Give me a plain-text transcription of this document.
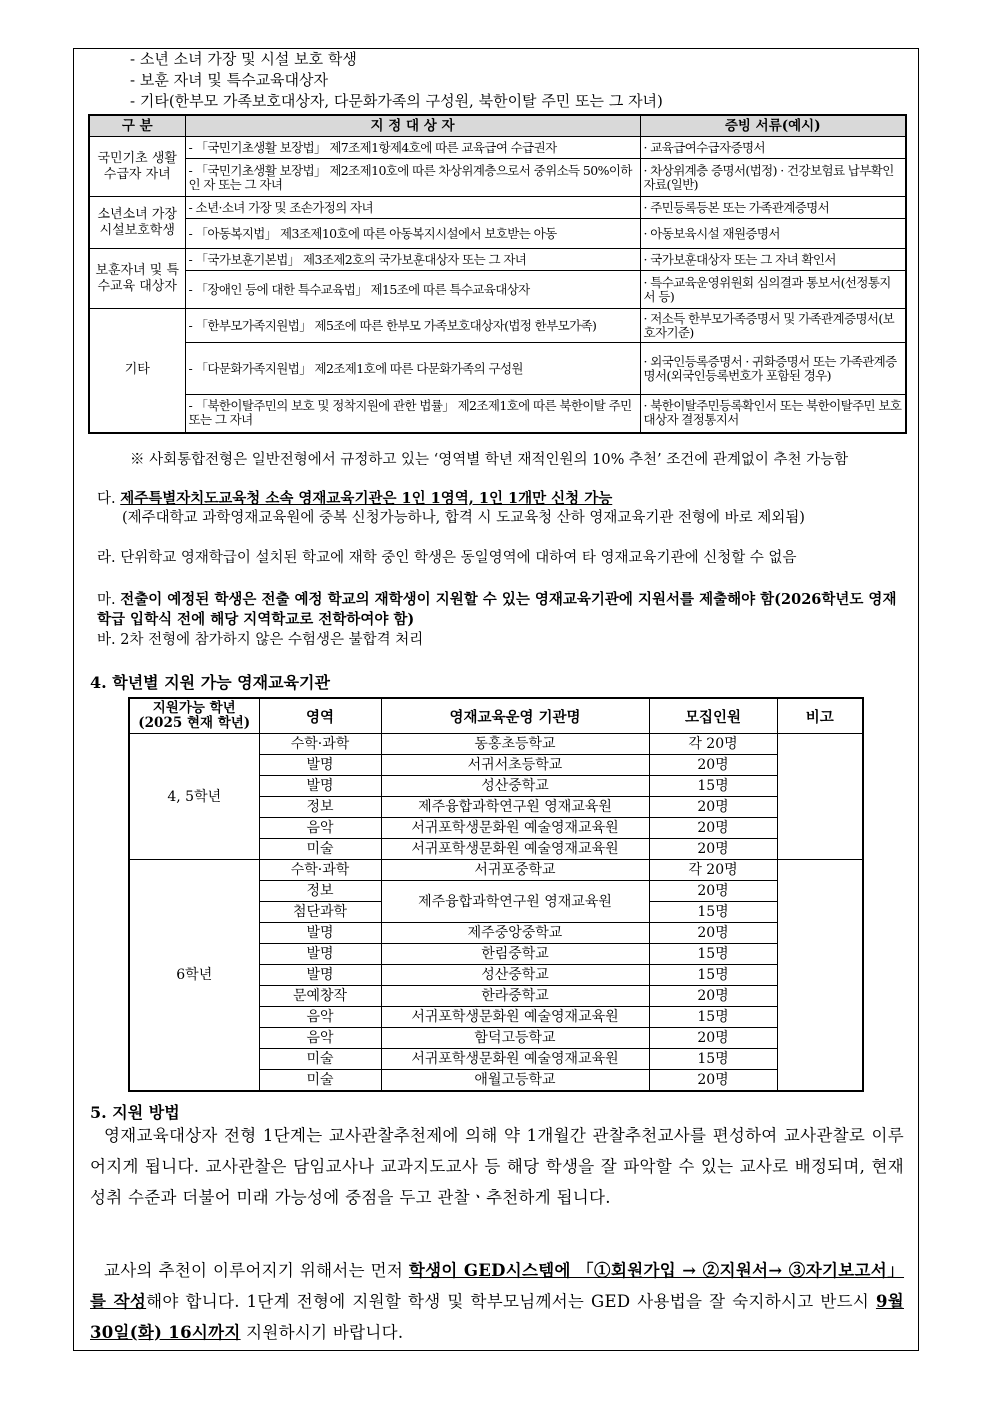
- 소년 소녀 가장 및 시설 보호 학생
- 보훈 자녀 및 특수교육대상자
- 기타(한부모 가족보호대상자, 다문화가족의 구성원, 북한이탈 주민 또는 그 자녀)
구 분	지 정 대 상 자	증빙 서류(예시)
국민기초 생활 수급자 자녀	- 「국민기초생활 보장법」 제7조제1항제4호에 따른 교육급여 수급권자	· 교육급여수급자증명서
	- 「국민기초생활 보장법」 제2조제10호에 따른 차상위계층으로서 중위소득 50%이하인 자 또는 그 자녀	· 차상위계층 증명서(법정) · 건강보험료 납부확인자료(일반)
소년소녀 가장 시설보호학생	- 소년·소녀 가장 및 조손가정의 자녀	· 주민등록등본 또는 가족관계증명서
	- 「아동복지법」 제3조제10호에 따른 아동복지시설에서 보호받는 아동	· 아동보육시설 재원증명서
보훈자녀 및 특수교육 대상자	- 「국가보훈기본법」 제3조제2호의 국가보훈대상자 또는 그 자녀	· 국가보훈대상자 또는 그 자녀 확인서
	- 「장애인 등에 대한 특수교육법」 제15조에 따른 특수교육대상자	· 특수교육운영위원회 심의결과 통보서(선정통지서 등)
기타	- 「한부모가족지원법」 제5조에 따른 한부모 가족보호대상자(법정 한부모가족)	· 저소득 한부모가족증명서 및 가족관계증명서(보호자기준)
	- 「다문화가족지원법」 제2조제1호에 따른 다문화가족의 구성원	· 외국인등록증명서 · 귀화증명서 또는 가족관계증명서(외국인등록번호가 포함된 경우)
	- 「북한이탈주민의 보호 및 정착지원에 관한 법률」 제2조제1호에 따른 북한이탈 주민 또는 그 자녀	· 북한이탈주민등록확인서 또는 북한이탈주민 보호대상자 결정통지서
※ 사회통합전형은 일반전형에서 규정하고 있는 ‘영역별 학년 재적인원의 10% 추천’ 조건에 관계없이 추천 가능함
다. 제주특별자치도교육청 소속 영재교육기관은 1인 1영역, 1인 1개만 신청 가능
(제주대학교 과학영재교육원에 중복 신청가능하나, 합격 시 도교육청 산하 영재교육기관 전형에 바로 제외됨)
라. 단위학교 영재학급이 설치된 학교에 재학 중인 학생은 동일영역에 대하여 타 영재교육기관에 신청할 수 없음
마. 전출이 예정된 학생은 전출 예정 학교의 재학생이 지원할 수 있는 영재교육기관에 지원서를 제출해야 함(2026학년도 영재학급 입학식 전에 해당 지역학교로 전학하여야 함)
바. 2차 전형에 참가하지 않은 수험생은 불합격 처리
4. 학년별 지원 가능 영재교육기관
지원가능 학년 (2025 현재 학년)	영역	영재교육운영 기관명	모집인원	비고
4, 5학년	수학·과학	동홍초등학교	각 20명	
	발명	서귀서초등학교	20명	
	발명	성산중학교	15명	
	정보	제주융합과학연구원 영재교육원	20명	
	음악	서귀포학생문화원 예술영재교육원	20명	
	미술	서귀포학생문화원 예술영재교육원	20명	
6학년	수학·과학	서귀포중학교	각 20명	
	정보	제주융합과학연구원 영재교육원	20명	
	첨단과학		15명	
	발명	제주중앙중학교	20명	
	발명	한림중학교	15명	
	발명	성산중학교	15명	
	문예창작	한라중학교	20명	
	음악	서귀포학생문화원 예술영재교육원	15명	
	음악	함덕고등학교	20명	
	미술	서귀포학생문화원 예술영재교육원	15명	
	미술	애월고등학교	20명	
5. 지원 방법
영재교육대상자 전형 1단계는 교사관찰추천제에 의해 약 1개월간 관찰추천교사를 편성하여 교사관찰로 이루어지게 됩니다. 교사관찰은 담임교사나 교과지도교사 등 해당 학생을 잘 파악할 수 있는 교사로 배정되며, 현재 성취 수준과 더불어 미래 가능성에 중점을 두고 관찰ㆍ추천하게 됩니다.
교사의 추천이 이루어지기 위해서는 먼저 학생이 GED시스템에 「①회원가입 → ②지원서→ ③자기보고서」를 작성해야 합니다. 1단계 전형에 지원할 학생 및 학부모님께서는 GED 사용법을 잘 숙지하시고 반드시 9월 30일(화) 16시까지 지원하시기 바랍니다.
